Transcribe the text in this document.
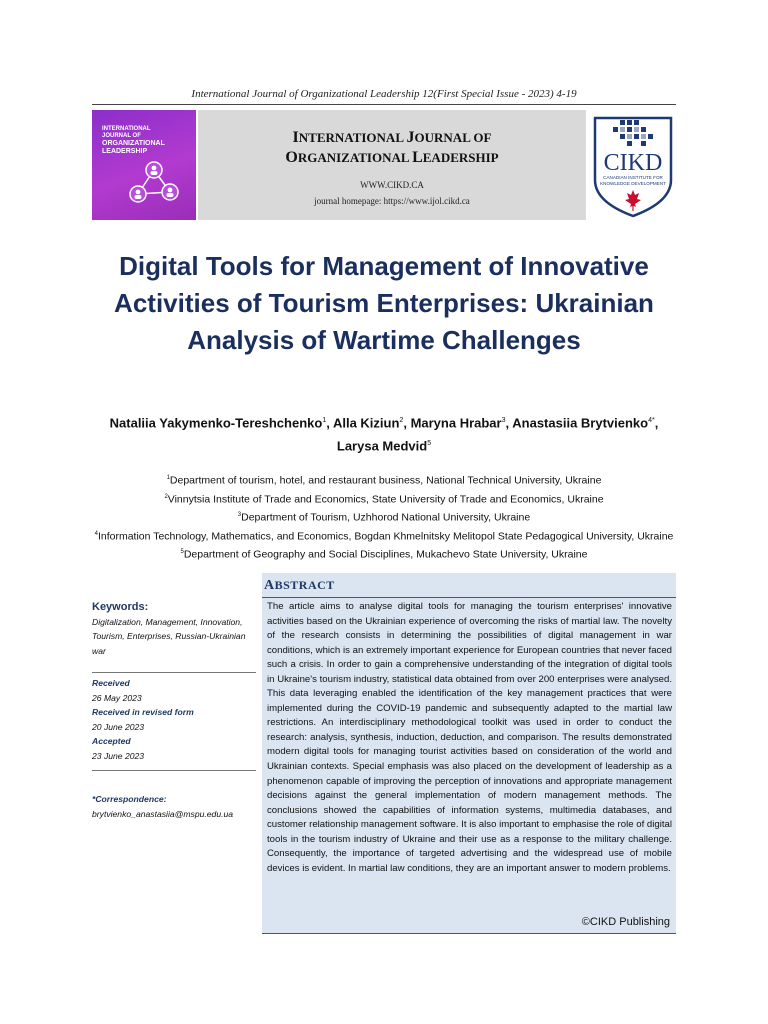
International Journal of Organizational Leadership 12(First Special Issue - 2023) 4-19
INTERNATIONAL
JOURNAL OF
ORGANIZATIONAL
LEADERSHIP
INTERNATIONAL JOURNAL OF
ORGANIZATIONAL LEADERSHIP
WWW.CIKD.CA
journal homepage: https://www.ijol.cikd.ca
CIKD
CANADIAN INSTITUTE FOR
KNOWLEDGE DEVELOPMENT
Digital Tools for Management of Innovative Activities of Tourism Enterprises: Ukrainian Analysis of Wartime Challenges
Nataliia Yakymenko-Tereshchenko$^1$, Alla Kiziun$^2$, Maryna Hrabar$^3$, Anastasiia Brytvienko$^{4*}$, Larysa Medvid$^5$
$^1$Department of tourism, hotel, and restaurant business, National Technical University, Ukraine
$^2$Vinnytsia Institute of Trade and Economics, State University of Trade and Economics, Ukraine
$^3$Department of Tourism, Uzhhorod National University, Ukraine
$^4$Information Technology, Mathematics, and Economics, Bogdan Khmelnitsky Melitopol State Pedagogical University, Ukraine
$^5$Department of Geography and Social Disciplines, Mukachevo State University, Ukraine
ABSTRACT
The article aims to analyse digital tools for managing the tourism enterprises' innovative activities based on the Ukrainian experience of overcoming the risks of martial law. The novelty of the research consists in determining the possibilities of digital management in war conditions, which is an extremely important experience for European countries that never faced such a crisis. In order to gain a comprehensive understanding of the integration of digital tools in Ukraine's tourism industry, statistical data obtained from over 200 enterprises were analysed. This data leveraging enabled the identification of the key management practices that were implemented during the COVID-19 pandemic and subsequently adapted to the martial law restrictions. An interdisciplinary methodological toolkit was used in order to conduct the research: analysis, synthesis, induction, deduction, and comparison. The results demonstrated modern digital tools for managing tourist activities based on consideration of the world and Ukrainian contexts. Special emphasis was also placed on the development of leadership as a phenomenon capable of improving the perception of innovations and appropriate management decisions against the general implementation of modern management methods. The conclusions showed the capabilities of information systems, multimedia databases, and customer relationship management software. It is also important to emphasise the role of digital tools in the tourism industry of Ukraine and their use as a response to the military challenge. Consequently, the importance of targeted advertising and the widespread use of mobile devices is evident. In martial law conditions, they are an important answer to modern problems.
©CIKD Publishing
Keywords:
Digitalization, Management, Innovation, Tourism, Enterprises, Russian-Ukrainian war
Received
26 May 2023
Received in revised form
20 June 2023
Accepted
23 June 2023
*Correspondence:
brytvienko_anastasiia@mspu.edu.ua
